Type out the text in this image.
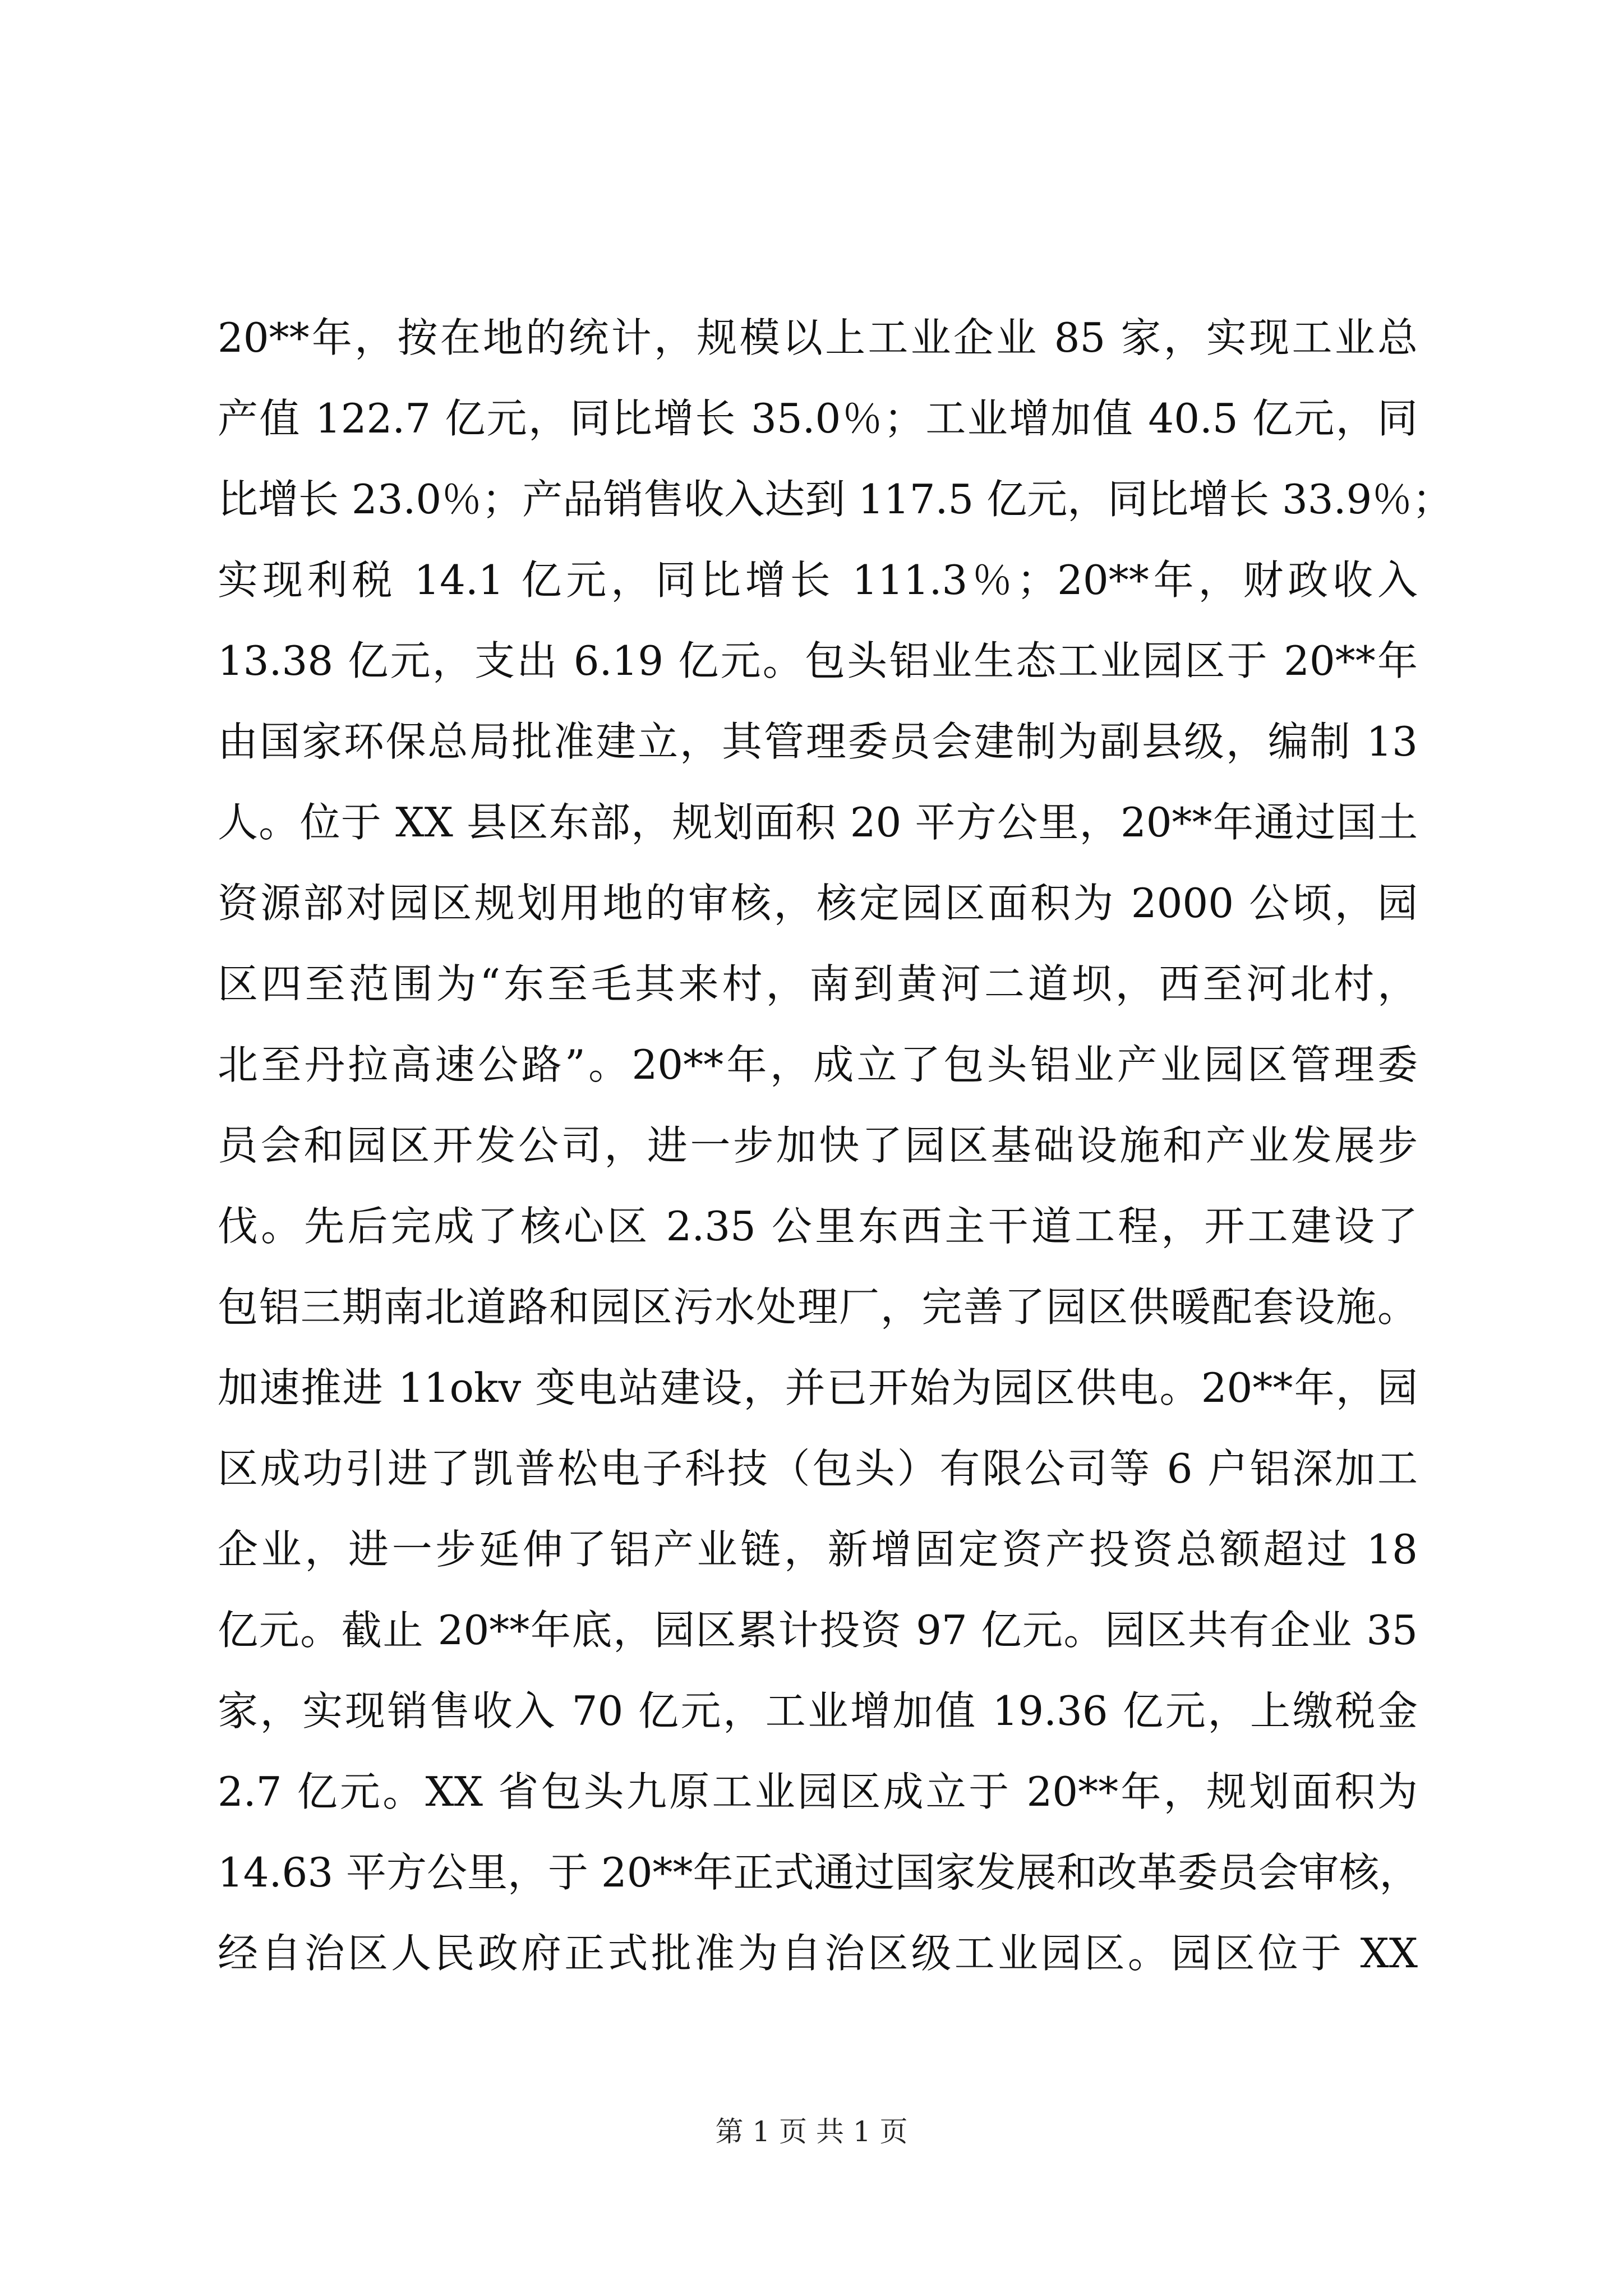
20**年，按在地的统计，规模以上工业企业 85 家，实现工业总
产值 122.7 亿元，同比增长 35.0％；工业增加值 40.5 亿元，同
比增长 23.0％；产品销售收入达到 117.5 亿元，同比增长 33.9％；
实现利税 14.1 亿元，同比增长 111.3％；20**年，财政收入
13.38 亿元，支出 6.19 亿元。包头铝业生态工业园区于 20**年
由国家环保总局批准建立，其管理委员会建制为副县级，编制 13
人。位于 XX 县区东部，规划面积 20 平方公里，20**年通过国土
资源部对园区规划用地的审核，核定园区面积为 2000 公顷，园
区四至范围为“东至毛其来村，南到黄河二道坝，西至河北村，
北至丹拉高速公路”。20**年，成立了包头铝业产业园区管理委
员会和园区开发公司，进一步加快了园区基础设施和产业发展步
伐。先后完成了核心区 2.35 公里东西主干道工程，开工建设了
包铝三期南北道路和园区污水处理厂，完善了园区供暖配套设施。
加速推进 11okv 变电站建设，并已开始为园区供电。20**年，园
区成功引进了凯普松电子科技（包头）有限公司等 6 户铝深加工
企业，进一步延伸了铝产业链，新增固定资产投资总额超过 18
亿元。截止 20**年底，园区累计投资 97 亿元。园区共有企业 35
家，实现销售收入 70 亿元，工业增加值 19.36 亿元，上缴税金
2.7 亿元。XX 省包头九原工业园区成立于 20**年，规划面积为
14.63 平方公里，于 20**年正式通过国家发展和改革委员会审核，
经自治区人民政府正式批准为自治区级工业园区。园区位于 XX
第 1 页 共 1 页
